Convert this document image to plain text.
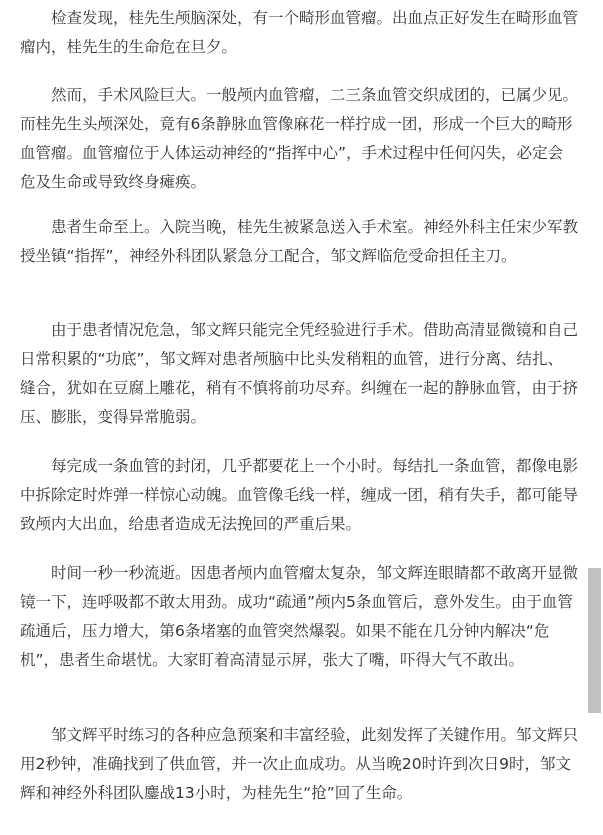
检查发现，桂先生颅脑深处，有一个畸形血管瘤。出血点正好发生在畸形血管瘤内，桂先生的生命危在旦夕。

然而，手术风险巨大。一般颅内血管瘤，二三条血管交织成团的，已属少见。而桂先生头颅深处，竟有6条静脉血管像麻花一样拧成一团，形成一个巨大的畸形血管瘤。血管瘤位于人体运动神经的“指挥中心”，手术过程中任何闪失，必定会危及生命或导致终身瘫痪。

患者生命至上。入院当晚，桂先生被紧急送入手术室。神经外科主任宋少军教授坐镇“指挥”，神经外科团队紧急分工配合，邹文辉临危受命担任主刀。

由于患者情况危急，邹文辉只能完全凭经验进行手术。借助高清显微镜和自己日常积累的“功底”，邹文辉对患者颅脑中比头发稍粗的血管，进行分离、结扎、缝合，犹如在豆腐上雕花，稍有不慎将前功尽弃。纠缠在一起的静脉血管，由于挤压、膨胀，变得异常脆弱。

每完成一条血管的封闭，几乎都要花上一个小时。每结扎一条血管，都像电影中拆除定时炸弹一样惊心动魄。血管像毛线一样，缠成一团，稍有失手，都可能导致颅内大出血，给患者造成无法挽回的严重后果。

时间一秒一秒流逝。因患者颅内血管瘤太复杂，邹文辉连眼睛都不敢离开显微镜一下，连呼吸都不敢太用劲。成功“疏通”颅内5条血管后，意外发生。由于血管疏通后，压力增大，第6条堵塞的血管突然爆裂。如果不能在几分钟内解决“危机”，患者生命堪忧。大家盯着高清显示屏，张大了嘴，吓得大气不敢出。

邹文辉平时练习的各种应急预案和丰富经验，此刻发挥了关键作用。邹文辉只用2秒钟，准确找到了供血管，并一次止血成功。从当晚20时许到次日9时，邹文辉和神经外科团队鏖战13小时，为桂先生“抢”回了生命。
